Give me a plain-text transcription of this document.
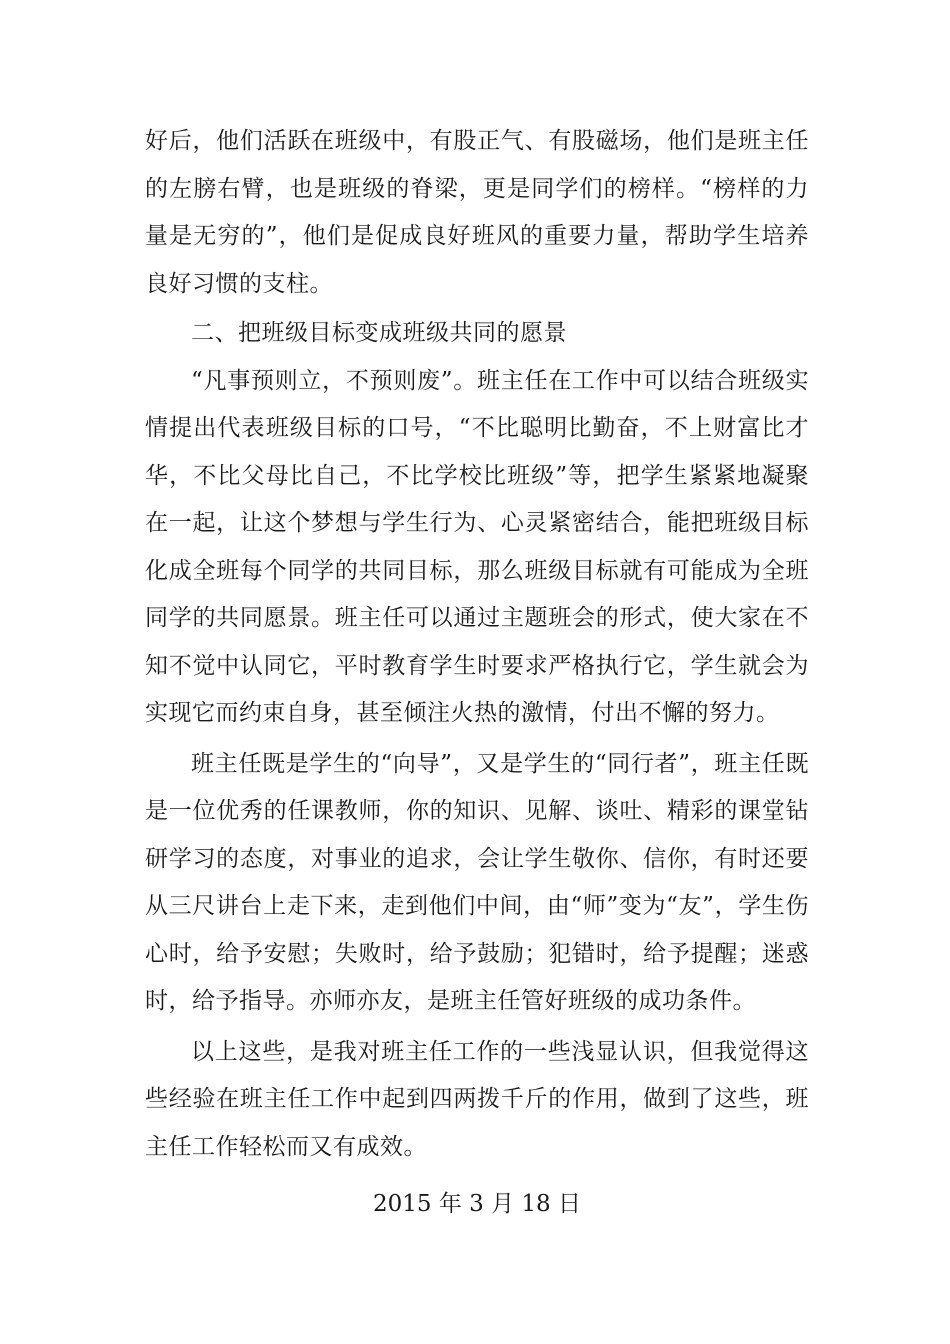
好后，他们活跃在班级中，有股正气、有股磁场，他们是班主任的左膀右臂，也是班级的脊梁，更是同学们的榜样。“榜样的力量是无穷的”，他们是促成良好班风的重要力量，帮助学生培养良好习惯的支柱。

二、把班级目标变成班级共同的愿景

“凡事预则立，不预则废”。班主任在工作中可以结合班级实情提出代表班级目标的口号，“不比聪明比勤奋，不上财富比才华，不比父母比自己，不比学校比班级”等，把学生紧紧地凝聚在一起，让这个梦想与学生行为、心灵紧密结合，能把班级目标化成全班每个同学的共同目标，那么班级目标就有可能成为全班同学的共同愿景。班主任可以通过主题班会的形式，使大家在不知不觉中认同它，平时教育学生时要求严格执行它，学生就会为实现它而约束自身，甚至倾注火热的激情，付出不懈的努力。

班主任既是学生的“向导”，又是学生的“同行者”，班主任既是一位优秀的任课教师，你的知识、见解、谈吐、精彩的课堂钻研学习的态度，对事业的追求，会让学生敬你、信你，有时还要从三尺讲台上走下来，走到他们中间，由“师”变为“友”，学生伤心时，给予安慰；失败时，给予鼓励；犯错时，给予提醒；迷惑时，给予指导。亦师亦友，是班主任管好班级的成功条件。

以上这些，是我对班主任工作的一些浅显认识，但我觉得这些经验在班主任工作中起到四两拨千斤的作用，做到了这些，班主任工作轻松而又有成效。

2015 年 3 月 18 日
